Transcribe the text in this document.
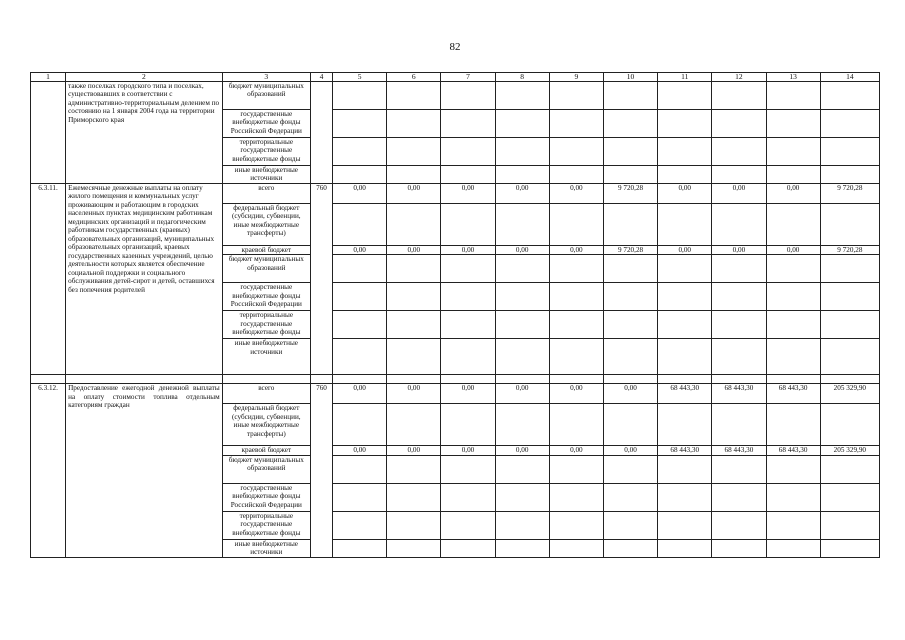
82
1	2	3	4	5	6	7	8	9	10	11	12	13	14
	также поселках городского типа и поселках, существовавших в соответствии с административно-территориальным делением по состоянию на 1 января 2004 года на территории Приморского края	бюджет муниципальных образований											
		государственные внебюджетные фонды Российской Федерации											
		территориальные государственные внебюджетные фонды											
		иные внебюджетные источники											
6.3.11.	Ежемесячные денежные выплаты на оплату жилого помещения и коммунальных услуг проживающим и работающим в городских населенных пунктах медицинским работникам медицинских организаций и педагогическим работникам государственных (краевых) образовательных организаций, муниципальных образовательных организаций, краевых государственных казенных учреждений, целью деятельности которых является обеспечение социальной поддержки и социального обслуживания детей-сирот и детей, оставшихся без попечения родителей	всего	760	0,00	0,00	0,00	0,00	0,00	9 720,28	0,00	0,00	0,00	9 720,28
		федеральный бюджет (субсидии, субвенции, иные межбюджетные трансферты)											
		краевой бюджет		0,00	0,00	0,00	0,00	0,00	9 720,28	0,00	0,00	0,00	9 720,28
		бюджет муниципальных образований											
		государственные внебюджетные фонды Российской Федерации											
		территориальные государственные внебюджетные фонды											
		иные внебюджетные источники											

6.3.12.	Предоставление ежегодной денежной выплаты на оплату стоимости топлива отдельным категориям граждан	всего	760	0,00	0,00	0,00	0,00	0,00	0,00	68 443,30	68 443,30	68 443,30	205 329,90
		федеральный бюджет (субсидии, субвенции, иные межбюджетные трансферты)											
		краевой бюджет		0,00	0,00	0,00	0,00	0,00	0,00	68 443,30	68 443,30	68 443,30	205 329,90
		бюджет муниципальных образований											
		государственные внебюджетные фонды Российской Федерации											
		территориальные государственные внебюджетные фонды											
		иные внебюджетные источники											
